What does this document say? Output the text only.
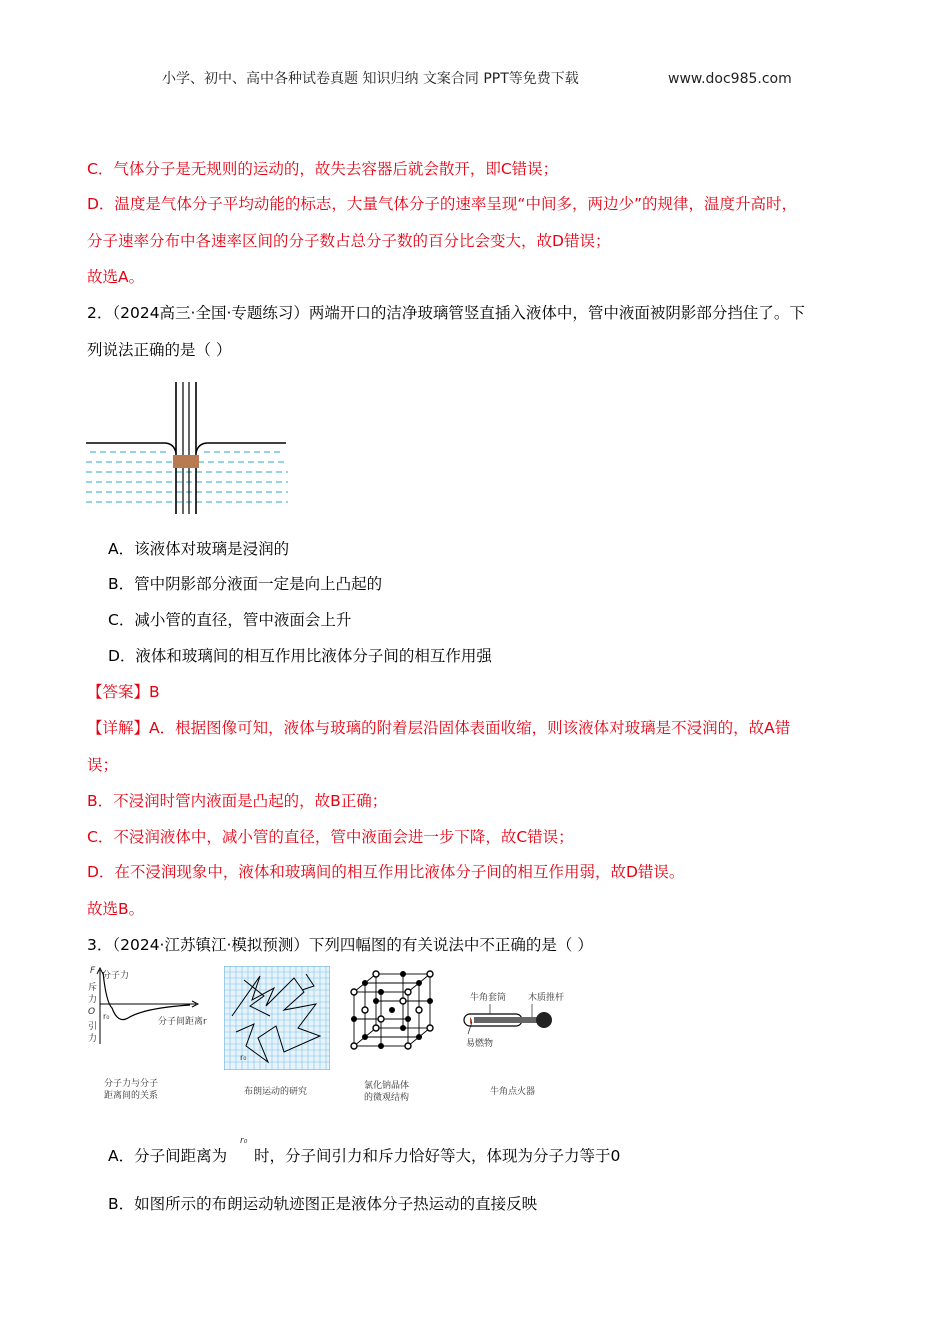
小学、初中、高中各种试卷真题 知识归纳 文案合同 PPT等免费下载	www.doc985.com
C．气体分子是无规则的运动的，故失去容器后就会散开，即C错误；
D．温度是气体分子平均动能的标志，大量气体分子的速率呈现“中间多，两边少”的规律，温度升高时，
分子速率分布中各速率区间的分子数占总分子数的百分比会变大，故D错误；
故选A。
2．（2024高三·全国·专题练习）两端开口的洁净玻璃管竖直插入液体中，管中液面被阴影部分挡住了。下
列说法正确的是（ ）
A．该液体对玻璃是浸润的
B．管中阴影部分液面一定是向上凸起的
C．减小管的直径，管中液面会上升
D．液体和玻璃间的相互作用比液体分子间的相互作用强
【答案】B
【详解】A．根据图像可知，液体与玻璃的附着层沿固体表面收缩，则该液体对玻璃是不浸润的，故A错
误；
B．不浸润时管内液面是凸起的，故B正确；
C．不浸润液体中，减小管的直径，管中液面会进一步下降，故C错误；
D．在不浸润现象中，液体和玻璃间的相互作用比液体分子间的相互作用弱，故D错误。
故选B。
3．（2024·江苏镇江·模拟预测）下列四幅图的有关说法中不正确的是（ ）
F 分子力
斥
力
O
引
力
r₀
分子间距离r
分子力与分子
距离间的关系
r₀
布朗运动的研究
氯化钠晶体
的微观结构
牛角套筒 木质推杆
易燃物
牛角点火器
A．分子间距离为
r₀
时，分子间引力和斥力恰好等大，体现为分子力等于0
B．如图所示的布朗运动轨迹图正是液体分子热运动的直接反映
